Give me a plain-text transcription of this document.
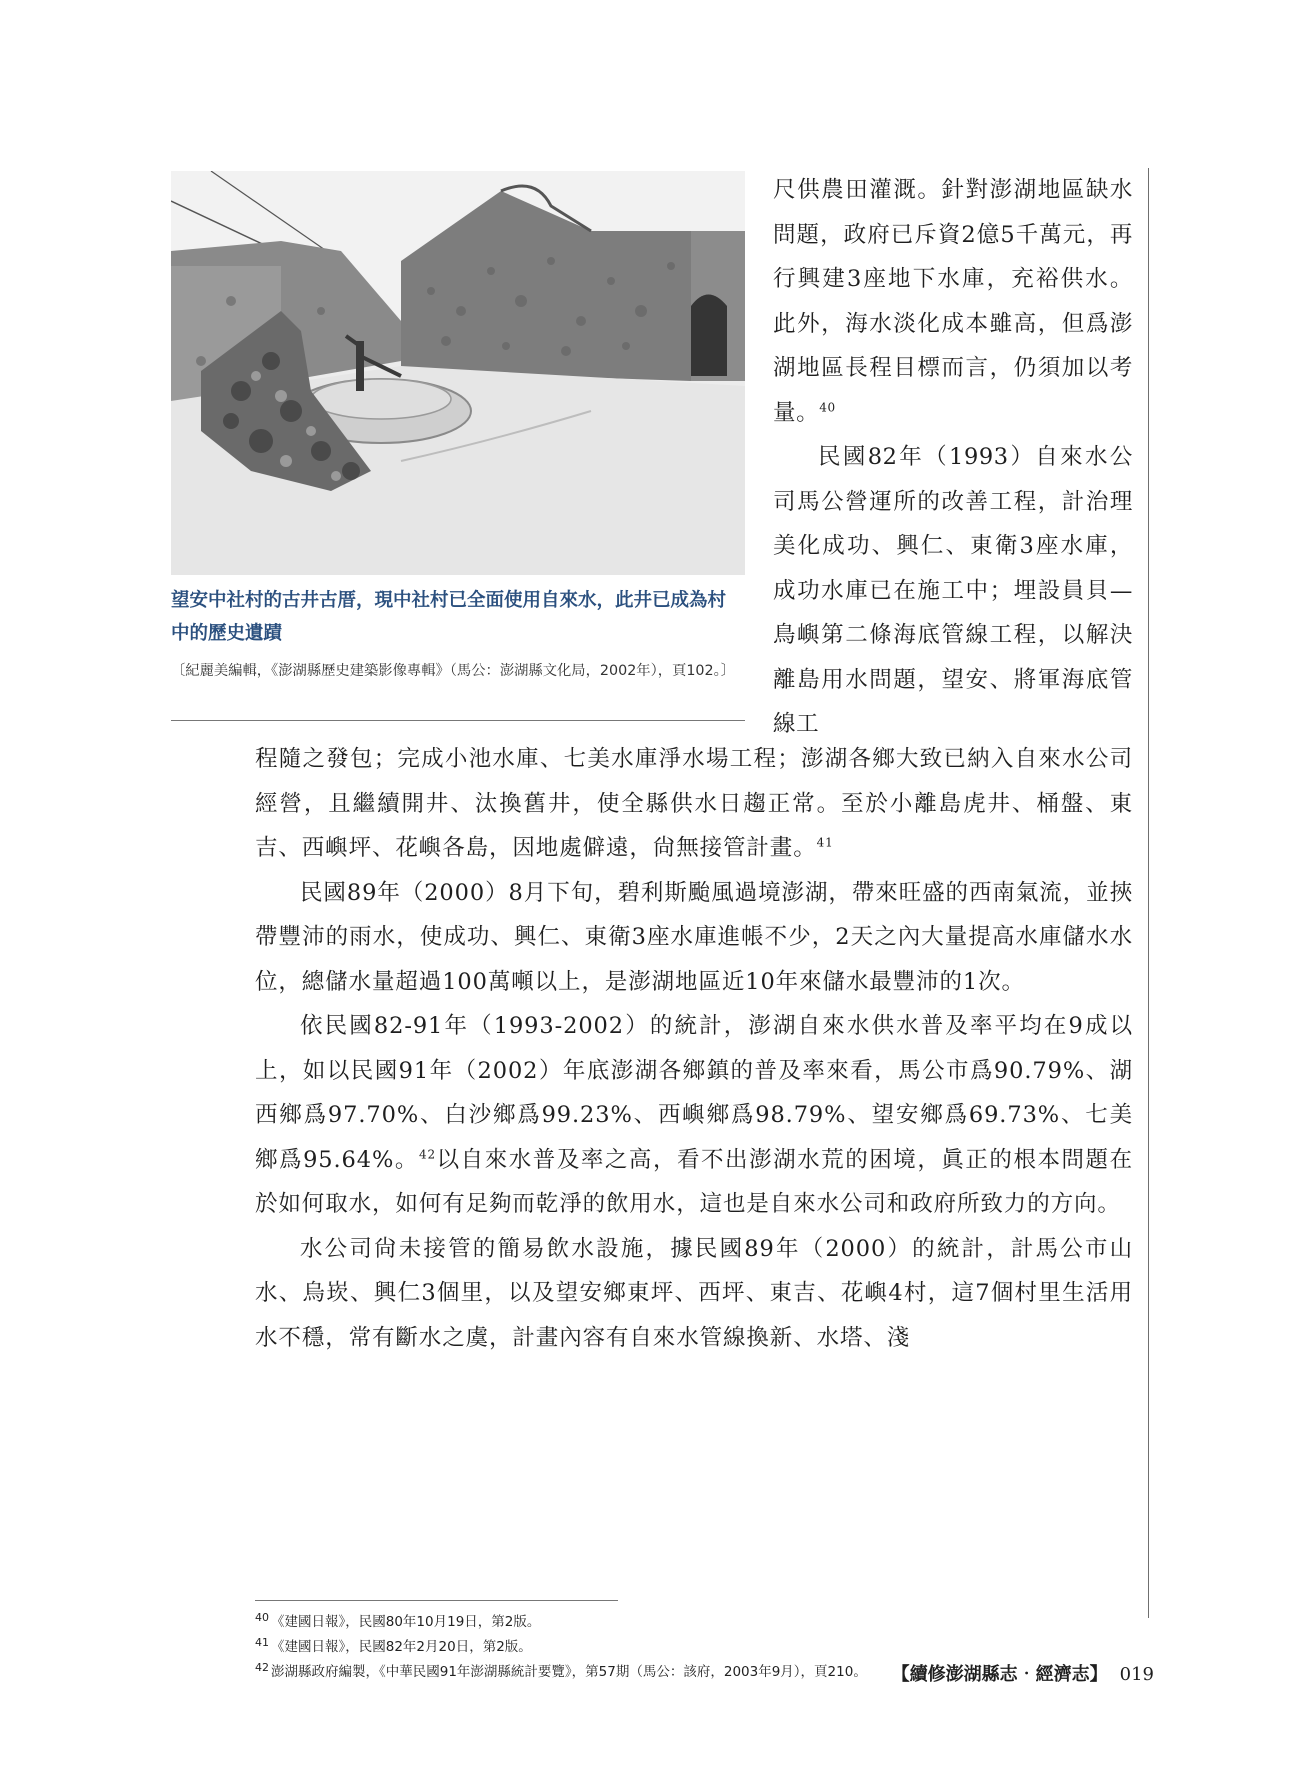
望安中社村的古井古厝，現中社村已全面使用自來水，此井已成為村中的歷史遺蹟
〔紀麗美編輯，《澎湖縣歷史建築影像專輯》（馬公：澎湖縣文化局，2002年），頁102。〕

尺供農田灌溉。針對澎湖地區缺水問題，政府已斥資2億5千萬元，再行興建3座地下水庫，充裕供水。此外，海水淡化成本雖高，但爲澎湖地區長程目標而言，仍須加以考量。$^{40}$

民國82年（1993）自來水公司馬公營運所的改善工程，計治理美化成功、興仁、東衛3座水庫，成功水庫已在施工中；埋設員貝—鳥嶼第二條海底管線工程，以解決離島用水問題，望安、將軍海底管線工

程隨之發包；完成小池水庫、七美水庫淨水場工程；澎湖各鄉大致已納入自來水公司經營，且繼續開井、汰換舊井，使全縣供水日趨正常。至於小離島虎井、桶盤、東吉、西嶼坪、花嶼各島，因地處僻遠，尙無接管計畫。$^{41}$

民國89年（2000）8月下旬，碧利斯颱風過境澎湖，帶來旺盛的西南氣流，並挾帶豐沛的雨水，使成功、興仁、東衛3座水庫進帳不少，2天之內大量提高水庫儲水水位，總儲水量超過100萬噸以上，是澎湖地區近10年來儲水最豐沛的1次。

依民國82-91年（1993-2002）的統計，澎湖自來水供水普及率平均在9成以上，如以民國91年（2002）年底澎湖各鄉鎮的普及率來看，馬公市爲90.79%、湖西鄉爲97.70%、白沙鄉爲99.23%、西嶼鄉爲98.79%、望安鄉爲69.73%、七美鄉爲95.64%。$^{42}$以自來水普及率之高，看不出澎湖水荒的困境，眞正的根本問題在於如何取水，如何有足夠而乾淨的飲用水，這也是自來水公司和政府所致力的方向。

水公司尙未接管的簡易飲水設施，據民國89年（2000）的統計，計馬公市山水、烏崁、興仁3個里，以及望安鄉東坪、西坪、東吉、花嶼4村，這7個村里生活用水不穩，常有斷水之虞，計畫內容有自來水管線換新、水塔、淺

$^{40}$ 《建國日報》，民國80年10月19日，第2版。
$^{41}$ 《建國日報》，民國82年2月20日，第2版。
$^{42}$ 澎湖縣政府編製，《中華民國91年澎湖縣統計要覽》，第57期（馬公：該府，2003年9月），頁210。	【續修澎湖縣志‧經濟志】 019
